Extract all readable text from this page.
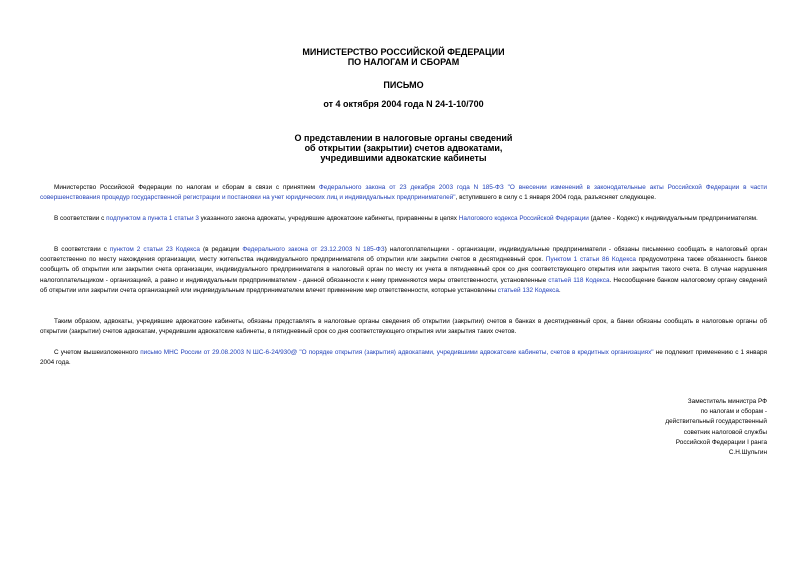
МИНИСТЕРСТВО РОССИЙСКОЙ ФЕДЕРАЦИИ
ПО НАЛОГАМ И СБОРАМ
ПИСЬМО
от 4 октября 2004 года N 24-1-10/700
О представлении в налоговые органы сведений
об открытии (закрытии) счетов адвокатами,
учредившими адвокатские кабинеты
Министерство Российской Федерации по налогам и сборам в связи с принятием Федерального закона от 23 декабря 2003 года N 185-ФЗ "О внесении изменений в законодательные акты Российской Федерации в части совершенствования процедур государственной регистрации и постановки на учет юридических лиц и индивидуальных предпринимателей", вступившего в силу с 1 января 2004 года, разъясняет следующее.
В соответствии с подпунктом а пункта 1 статьи 3 указанного закона адвокаты, учредившие адвокатские кабинеты, приравнены в целях Налогового кодекса Российской Федерации (далее - Кодекс) к индивидуальным предпринимателям.
В соответствии с пунктом 2 статьи 23 Кодекса (в редакции Федерального закона от 23.12.2003 N 185-ФЗ) налогоплательщики - организации, индивидуальные предприниматели - обязаны письменно сообщать в налоговый орган соответственно по месту нахождения организации, месту жительства индивидуального предпринимателя об открытии или закрытии счетов в десятидневный срок. Пунктом 1 статьи 86 Кодекса предусмотрена также обязанность банков сообщить об открытии или закрытии счета организации, индивидуального предпринимателя в налоговый орган по месту их учета в пятидневный срок со дня соответствующего открытия или закрытия такого счета. В случае нарушения налогоплательщиком - организацией, а равно и индивидуальным предпринимателем - данной обязанности к нему применяются меры ответственности, установленные статьей 118 Кодекса. Несообщение банком налоговому органу сведений об открытии или закрытии счета организацией или индивидуальным предпринимателем влечет применение мер ответственности, которые установлены статьей 132 Кодекса.
Таким образом, адвокаты, учредившие адвокатские кабинеты, обязаны представлять в налоговые органы сведения об открытии (закрытии) счетов в банках в десятидневный срок, а банки обязаны сообщать в налоговые органы об открытии (закрытии) счетов адвокатам, учредившим адвокатские кабинеты, в пятидневный срок со дня соответствующего открытия или закрытия таких счетов.
С учетом вышеизложенного письмо МНС России от 29.08.2003 N ШС-6-24/930@ "О порядке открытия (закрытия) адвокатами, учредившими адвокатские кабинеты, счетов в кредитных организациях" не подлежит применению с 1 января 2004 года.
Заместитель министра РФ
по налогам и сборам -
действительный государственный
советник налоговой службы
Российской Федерации I ранга
С.Н.Шульгин
